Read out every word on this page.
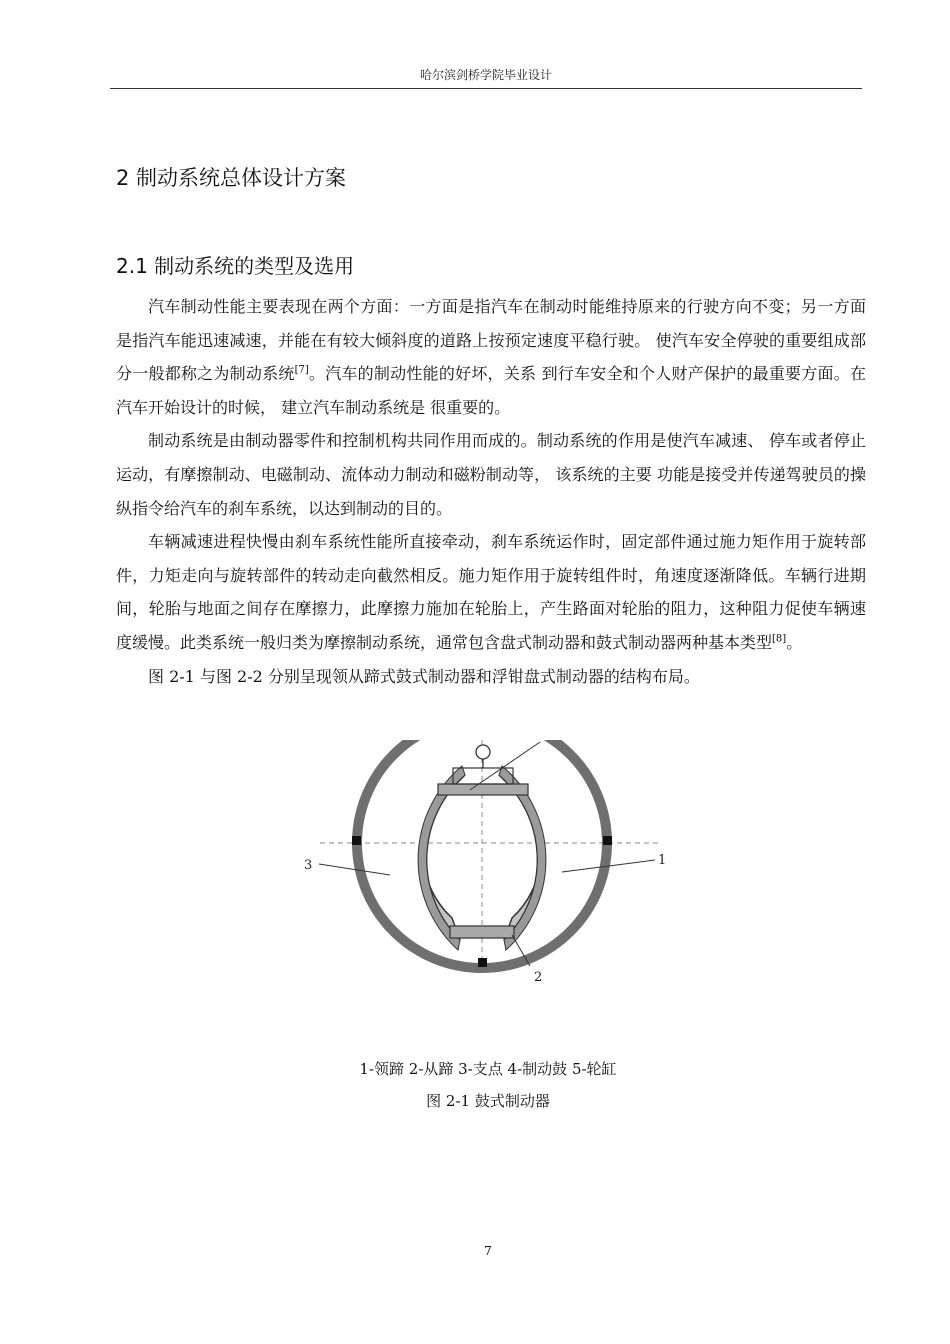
哈尔滨剑桥学院毕业设计
2 制动系统总体设计方案
2.1 制动系统的类型及选用

汽车制动性能主要表现在两个方面：一方面是指汽车在制动时能维持原来的行驶方向不变；另一方面是指汽车能迅速减速，并能在有较大倾斜度的道路上按预定速度平稳行驶。 使汽车安全停驶的重要组成部分一般都称之为制动系统[7]。汽车的制动性能的好坏，关系 到行车安全和个人财产保护的最重要方面。在汽车开始设计的时候， 建立汽车制动系统是 很重要的。

制动系统是由制动器零件和控制机构共同作用而成的。制动系统的作用是使汽车减速、 停车或者停止运动，有摩擦制动、电磁制动、流体动力制动和磁粉制动等， 该系统的主要 功能是接受并传递驾驶员的操纵指令给汽车的刹车系统，以达到制动的目的。

车辆减速进程快慢由刹车系统性能所直接牵动，刹车系统运作时，固定部件通过施力矩作用于旋转部件，力矩走向与旋转部件的转动走向截然相反。施力矩作用于旋转组件时，角速度逐渐降低。车辆行进期间，轮胎与地面之间存在摩擦力，此摩擦力施加在轮胎上，产生路面对轮胎的阻力，这种阻力促使车辆速度缓慢。此类系统一般归类为摩擦制动系统，通常包含盘式制动器和鼓式制动器两种基本类型[8]。

图 2-1 与图 2-2 分别呈现领从蹄式鼓式制动器和浮钳盘式制动器的结构布局。

3	1
2
1-领蹄 2-从蹄 3-支点 4-制动鼓 5-轮缸
图 2-1 鼓式制动器
7
